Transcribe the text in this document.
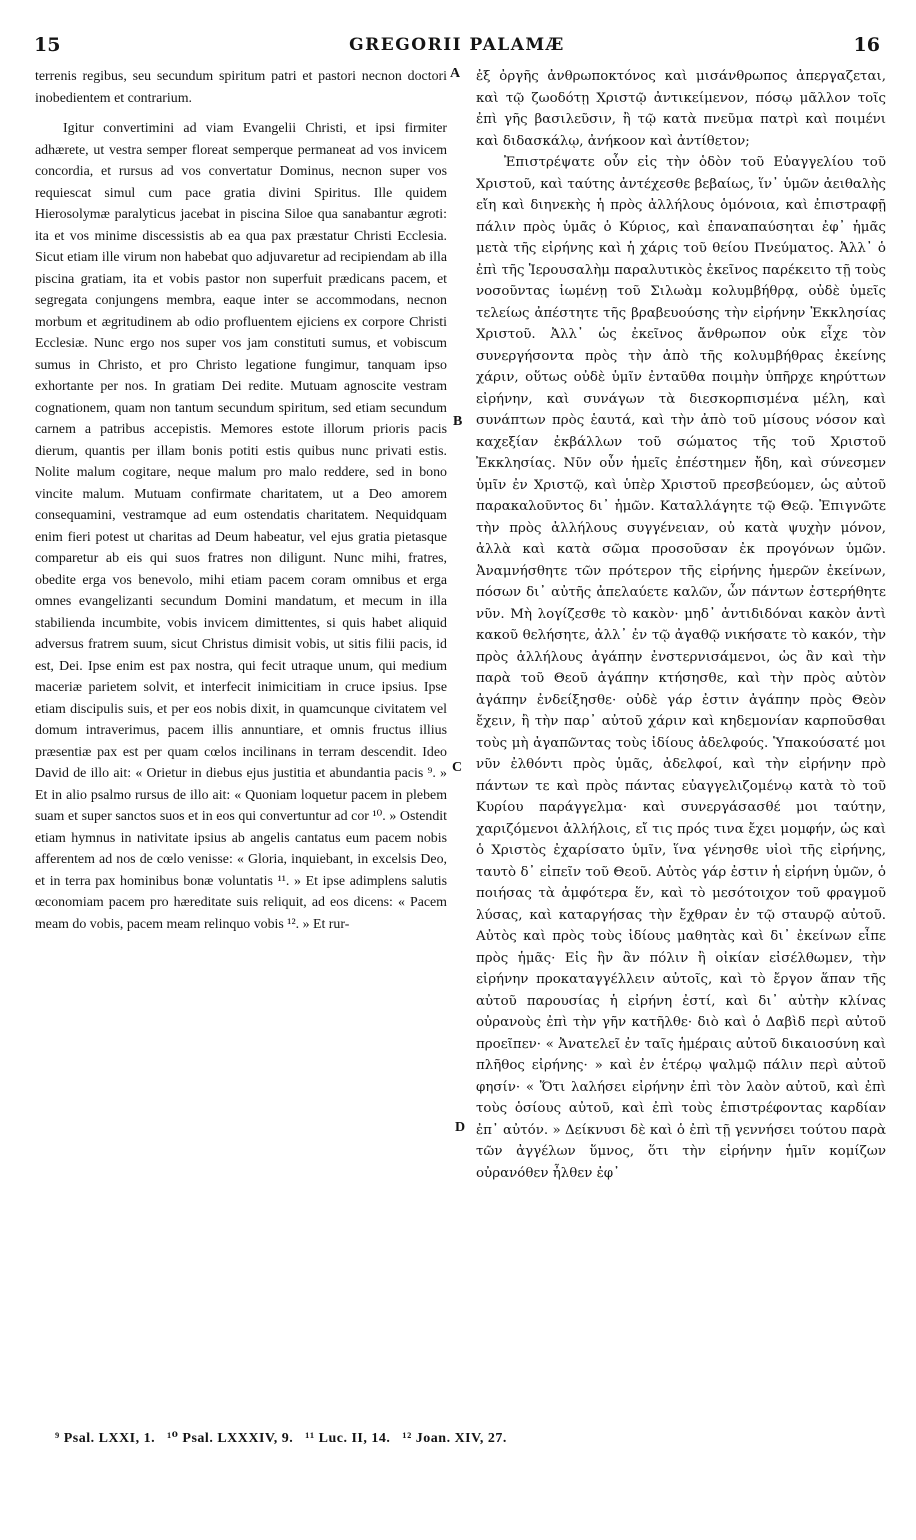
15	GREGORII PALAMÆ	16

terrenis regibus, seu secundum spiritum patri et pastori necnon doctori inobedientem et contrarium.

Igitur convertimini ad viam Evangelii Christi, et ipsi firmiter adhærete, ut vestra semper floreat semperque permaneat ad vos invicem concordia, et rursus ad vos convertatur Dominus, necnon super vos requiescat simul cum pace gratia divini Spiritus. Ille quidem Hierosolymæ paralyticus jacebat in piscina Siloe qua sanabantur ægroti: ita et vos minime discessistis ab ea qua pax præstatur Christi Ecclesia. Sicut etiam ille virum non habebat quo adjuvaretur ad recipiendam ab illa piscina gratiam, ita et vobis pastor non superfuit prædicans pacem, et segregata conjungens membra, eaque inter se accommodans, necnon morbum et ægritudinem ab odio profluentem ejiciens ex corpore Christi Ecclesiæ. Nunc ergo nos super vos jam constituti sumus, et vobiscum sumus in Christo, et pro Christo legatione fungimur, tanquam ipso exhortante per nos. In gratiam Dei redite. Mutuam agnoscite vestram cognationem, quam non tantum secundum spiritum, sed etiam secundum carnem a patribus accepistis. Memores estote illorum prioris pacis dierum, quantis per illam bonis potiti estis quibus nunc privati estis. Nolite malum cogitare, neque malum pro malo reddere, sed in bono vincite malum. Mutuam confirmate charitatem, ut a Deo amorem consequamini, vestramque ad eum ostendatis charitatem. Nequidquam enim fieri potest ut charitas ad Deum habeatur, vel ejus gratia pietasque comparetur ab eis qui suos fratres non diligunt. Nunc mihi, fratres, obedite erga vos benevolo, mihi etiam pacem coram omnibus et erga omnes evangelizanti secundum Domini mandatum, et mecum in illa stabilienda incumbite, vobis invicem dimittentes, si quis habet aliquid adversus fratrem suum, sicut Christus dimisit vobis, ut sitis filii pacis, id est, Dei. Ipse enim est pax nostra, qui fecit utraque unum, qui medium maceriæ parietem solvit, et interfecit inimicitiam in cruce ipsius. Ipse etiam discipulis suis, et per eos nobis dixit, in quamcunque civitatem vel domum intraverimus, pacem illis annuntiare, et omnis fructus illius præsentiæ pax est per quam cœlos incilinans in terram descendit. Ideo David de illo ait: « Orietur in diebus ejus justitia et abundantia pacis ⁹. » Et in alio psalmo rursus de illo ait: « Quoniam loquetur pacem in plebem suam et super sanctos suos et in eos qui convertuntur ad cor ¹⁰. » Ostendit etiam hymnus in nativitate ipsius ab angelis cantatus eum pacem nobis afferentem ad nos de cœlo venisse: « Gloria, inquiebant, in excelsis Deo, et in terra pax hominibus bonæ voluntatis ¹¹. » Et ipse adimplens salutis œconomiam pacem pro hæreditate suis reliquit, ad eos dicens: « Pacem meam do vobis, pacem meam relinquo vobis ¹². » Et rur-

A
B
C
D

ἐξ ὀργῆς ἀνθρωποκτόνος καὶ μισάνθρωπος ἀπεργαζεται, καὶ τῷ ζωοδότῃ Χριστῷ ἀντικείμενον, πόσῳ μᾶλλον τοῖς ἐπὶ γῆς βασιλεῦσιν, ἢ τῷ κατὰ πνεῦμα πατρὶ καὶ ποιμένι καὶ διδασκάλῳ, ἀνήκοον καὶ ἀντίθετον;

Ἐπιστρέψατε οὖν εἰς τὴν ὁδὸν τοῦ Εὐαγγελίου τοῦ Χριστοῦ, καὶ ταύτης ἀντέχεσθε βεβαίως, ἵν᾿ ὑμῶν ἀειθαλὴς εἴη καὶ διηνεκὴς ἡ πρὸς ἀλλήλους ὁμόνοια, καὶ ἐπιστραφῇ πάλιν πρὸς ὑμᾶς ὁ Κύριος, καὶ ἐπαναπαύσηται ἐφ᾿ ἡμᾶς μετὰ τῆς εἰρήνης καὶ ἡ χάρις τοῦ θείου Πνεύματος. Ἀλλ᾿ ὁ ἐπὶ τῆς Ἱερουσαλὴμ παραλυτικὸς ἐκεῖνος παρέκειτο τῇ τοὺς νοσοῦντας ἰωμένῃ τοῦ Σιλωὰμ κολυμβήθρᾳ, οὐδὲ ὑμεῖς τελείως ἀπέστητε τῆς βραβευούσης τὴν εἰρήνην Ἐκκλησίας Χριστοῦ. Ἀλλ᾿ ὡς ἐκεῖνος ἄνθρωπον οὐκ εἶχε τὸν συνεργήσοντα πρὸς τὴν ἀπὸ τῆς κολυμβήθρας ἐκείνης χάριν, οὕτως οὐδὲ ὑμῖν ἐνταῦθα ποιμὴν ὑπῆρχε κηρύττων εἰρήνην, καὶ συνάγων τὰ διεσκορπισμένα μέλη, καὶ συνάπτων πρὸς ἑαυτά, καὶ τὴν ἀπὸ τοῦ μίσους νόσον καὶ καχεξίαν ἐκβάλλων τοῦ σώματος τῆς τοῦ Χριστοῦ Ἐκκλησίας. Νῦν οὖν ἡμεῖς ἐπέστημεν ἤδη, καὶ σύνεσμεν ὑμῖν ἐν Χριστῷ, καὶ ὑπὲρ Χριστοῦ πρεσβεύομεν, ὡς αὐτοῦ παρακαλοῦντος δι᾿ ἡμῶν. Καταλλάγητε τῷ Θεῷ. Ἐπιγνῶτε τὴν πρὸς ἀλλήλους συγγένειαν, οὐ κατὰ ψυχὴν μόνον, ἀλλὰ καὶ κατὰ σῶμα προσοῦσαν ἐκ προγόνων ὑμῶν. Ἀναμνήσθητε τῶν πρότερον τῆς εἰρήνης ἡμερῶν ἐκείνων, πόσων δι᾿ αὐτῆς ἀπελαύετε καλῶν, ὧν πάντων ἐστερήθητε νῦν. Μὴ λογίζεσθε τὸ κακὸν· μηδ᾿ ἀντιδιδόναι κακὸν ἀντὶ κακοῦ θελήσητε, ἀλλ᾿ ἐν τῷ ἀγαθῷ νικήσατε τὸ κακόν, τὴν πρὸς ἀλλήλους ἀγάπην ἐνστερνισάμενοι, ὡς ἂν καὶ τὴν παρὰ τοῦ Θεοῦ ἀγάπην κτήσησθε, καὶ τὴν πρὸς αὐτὸν ἀγάπην ἐνδείξησθε· οὐδὲ γάρ ἐστιν ἀγάπην πρὸς Θεὸν ἔχειν, ἢ τὴν παρ᾿ αὐτοῦ χάριν καὶ κηδεμονίαν καρποῦσθαι τοὺς μὴ ἀγαπῶντας τοὺς ἰδίους ἀδελφούς. Ὑπακούσατέ μοι νῦν ἐλθόντι πρὸς ὑμᾶς, ἀδελφοί, καὶ τὴν εἰρήνην πρὸ πάντων τε καὶ πρὸς πάντας εὐαγγελιζομένῳ κατὰ τὸ τοῦ Κυρίου παράγγελμα· καὶ συνεργάσασθέ μοι ταύτην, χαριζόμενοι ἀλλήλοις, εἴ τις πρός τινα ἔχει μομφήν, ὡς καὶ ὁ Χριστὸς ἐχαρίσατο ὑμῖν, ἵνα γένησθε υἱοὶ τῆς εἰρήνης, ταυτὸ δ᾿ εἰπεῖν τοῦ Θεοῦ. Αὐτὸς γάρ ἐστιν ἡ εἰρήνη ὑμῶν, ὁ ποιήσας τὰ ἀμφότερα ἕν, καὶ τὸ μεσότοιχον τοῦ φραγμοῦ λύσας, καὶ καταργήσας τὴν ἔχθραν ἐν τῷ σταυρῷ αὐτοῦ. Αὐτὸς καὶ πρὸς τοὺς ἰδίους μαθητὰς καὶ δι᾿ ἐκείνων εἶπε πρὸς ἡμᾶς· Εἰς ἣν ἂν πόλιν ἢ οἰκίαν εἰσέλθωμεν, τὴν εἰρήνην προκαταγγέλλειν αὐτοῖς, καὶ τὸ ἔργον ἅπαν τῆς αὐτοῦ παρουσίας ἡ εἰρήνη ἐστί, καὶ δι᾿ αὐτὴν κλίνας οὐρανοὺς ἐπὶ τὴν γῆν κατῆλθε· διὸ καὶ ὁ Δαβὶδ περὶ αὐτοῦ προεῖπεν· « Ἀνατελεῖ ἐν ταῖς ἡμέραις αὐτοῦ δικαιοσύνη καὶ πλῆθος εἰρήνης· » καὶ ἐν ἑτέρῳ ψαλμῷ πάλιν περὶ αὐτοῦ φησίν· « Ὅτι λαλήσει εἰρήνην ἐπὶ τὸν λαὸν αὐτοῦ, καὶ ἐπὶ τοὺς ὁσίους αὐτοῦ, καὶ ἐπὶ τοὺς ἐπιστρέφοντας καρδίαν ἐπ᾿ αὐτόν. » Δείκνυσι δὲ καὶ ὁ ἐπὶ τῇ γεννήσει τούτου παρὰ τῶν ἀγγέλων ὕμνος, ὅτι τὴν εἰρήνην ἡμῖν κομίζων οὐρανόθεν ἦλθεν ἐφ᾿

⁹ Psal. LXXI, 1. ¹⁰ Psal. LXXXIV, 9. ¹¹ Luc. II, 14. ¹² Joan. XIV, 27.
